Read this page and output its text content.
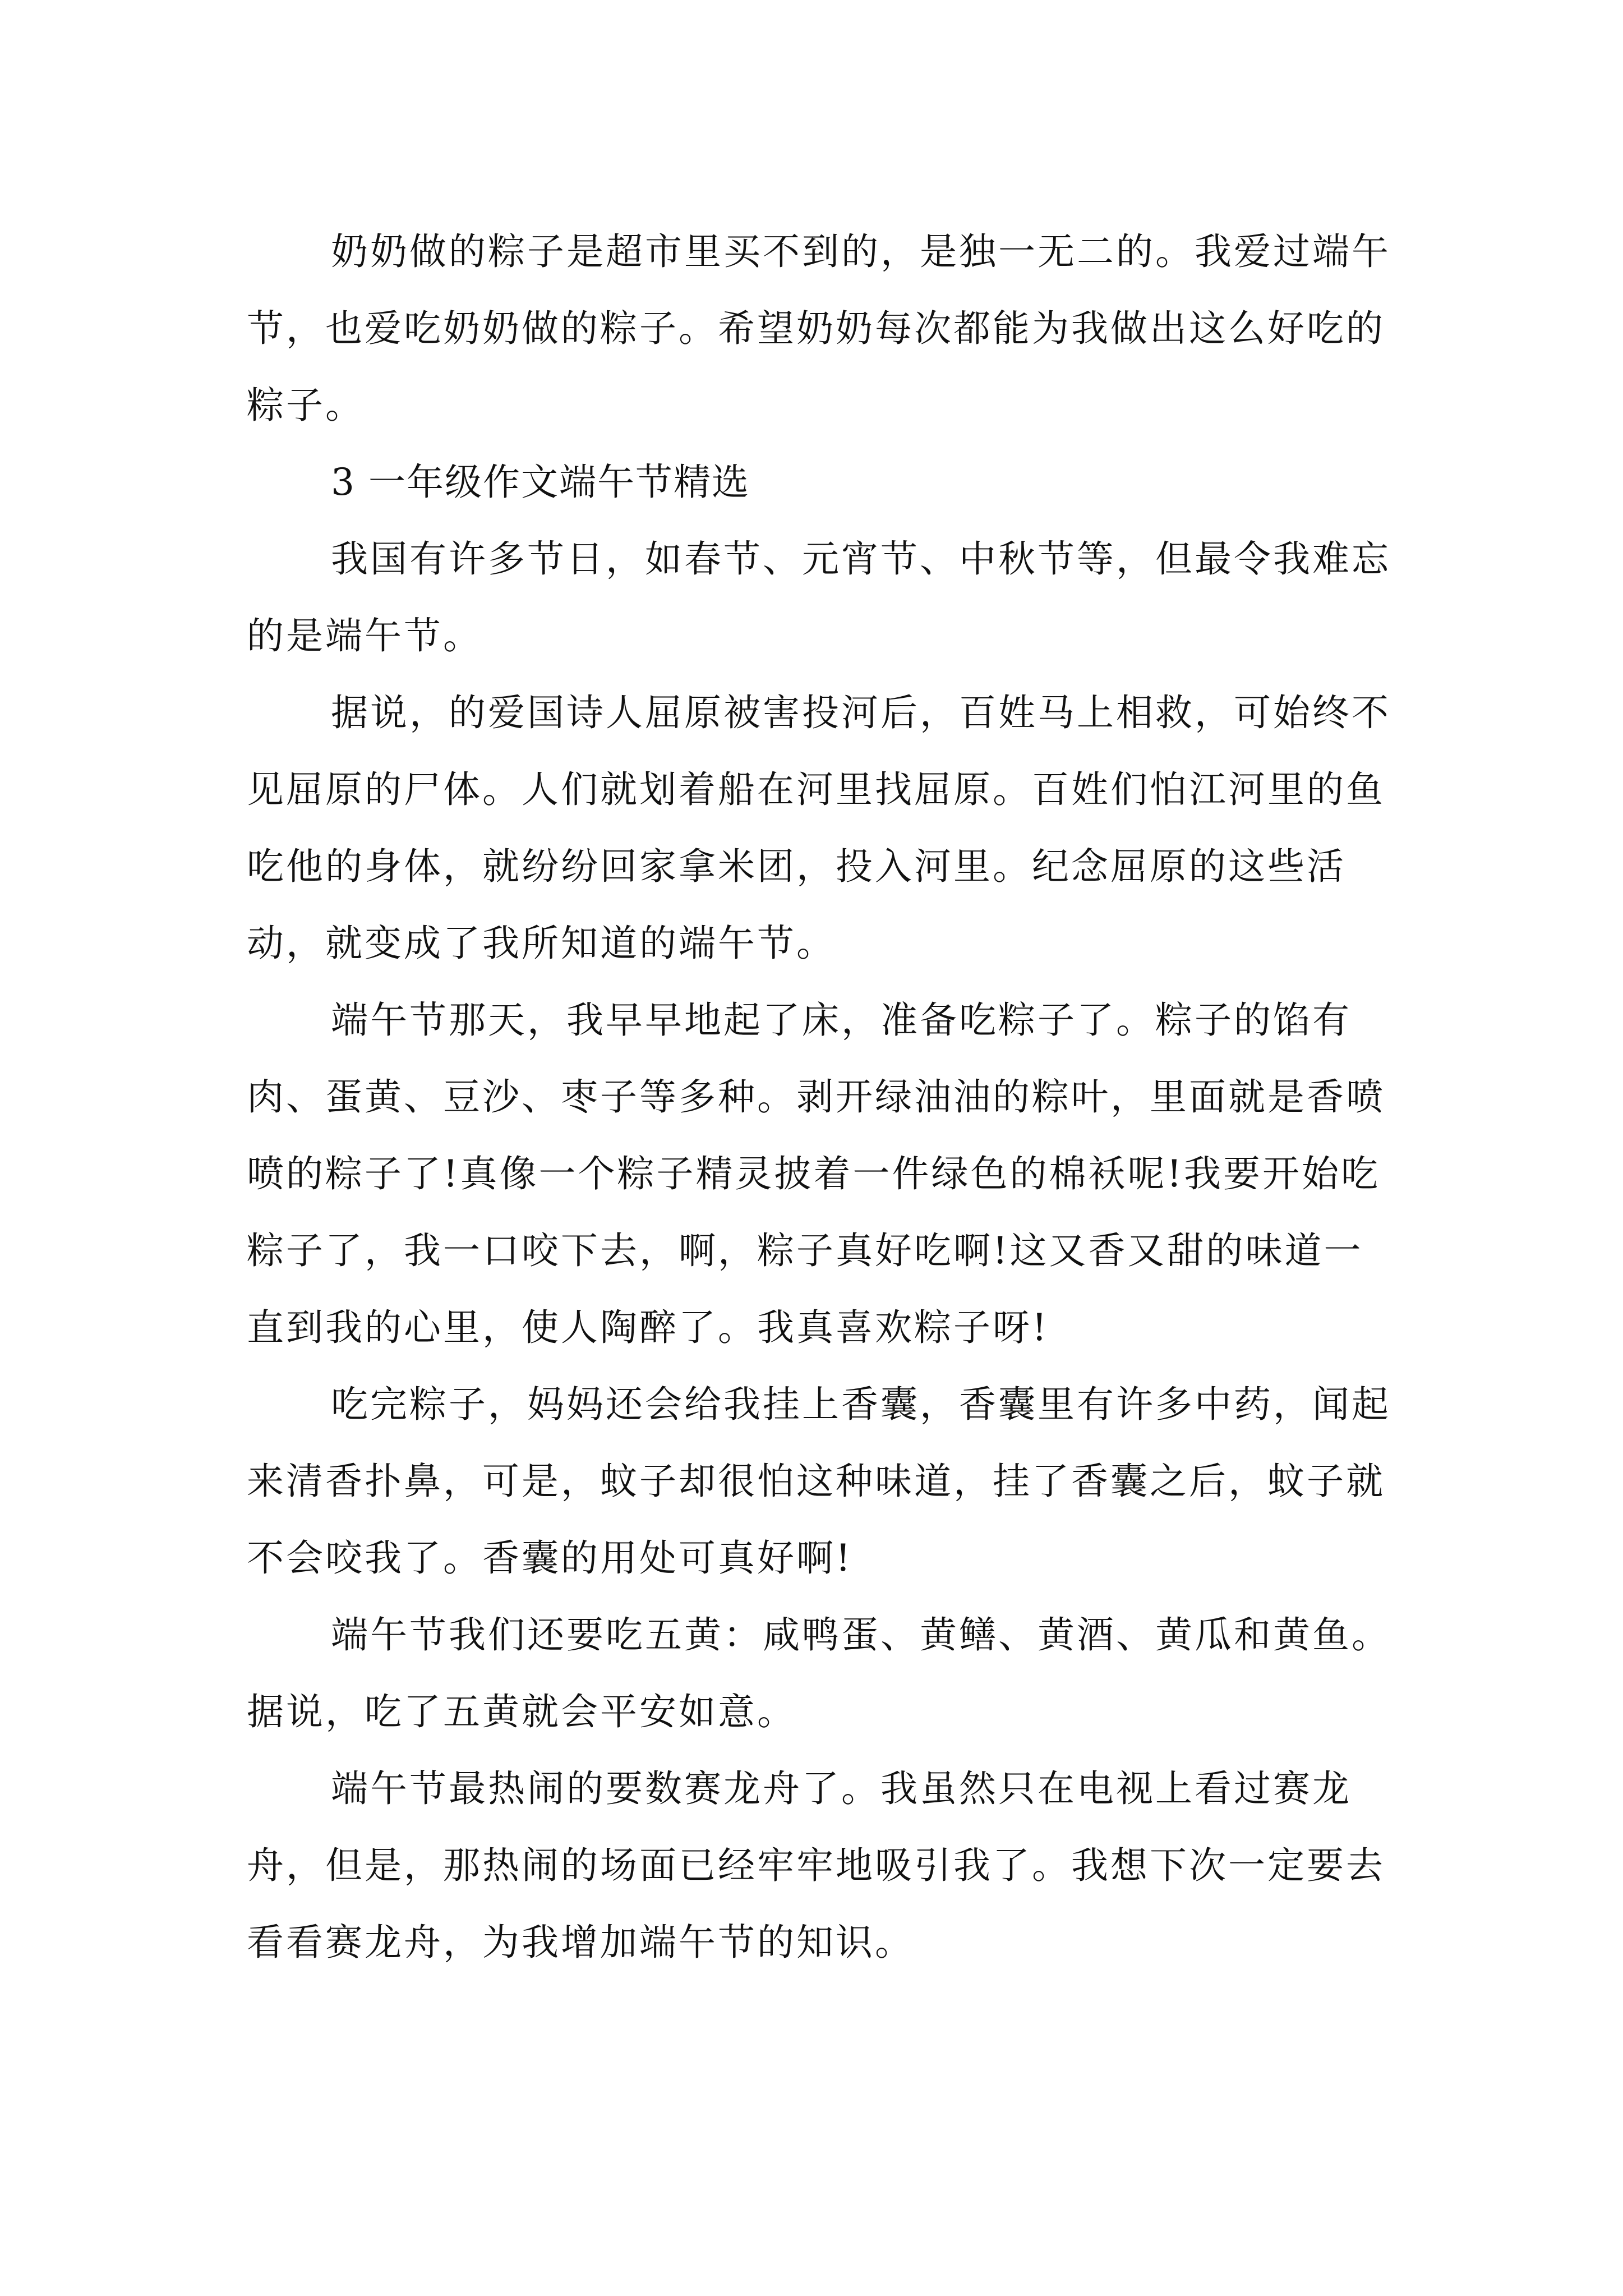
奶奶做的粽子是超市里买不到的，是独一无二的。我爱过端午节，也爱吃奶奶做的粽子。希望奶奶每次都能为我做出这么好吃的粽子。

3 一年级作文端午节精选

我国有许多节日，如春节、元宵节、中秋节等，但最令我难忘的是端午节。

据说，的爱国诗人屈原被害投河后，百姓马上相救，可始终不见屈原的尸体。人们就划着船在河里找屈原。百姓们怕江河里的鱼吃他的身体，就纷纷回家拿米团，投入河里。纪念屈原的这些活动，就变成了我所知道的端午节。

端午节那天，我早早地起了床，准备吃粽子了。粽子的馅有肉、蛋黄、豆沙、枣子等多种。剥开绿油油的粽叶，里面就是香喷喷的粽子了!真像一个粽子精灵披着一件绿色的棉袄呢!我要开始吃粽子了，我一口咬下去，啊，粽子真好吃啊!这又香又甜的味道一直到我的心里，使人陶醉了。我真喜欢粽子呀!

吃完粽子，妈妈还会给我挂上香囊，香囊里有许多中药，闻起来清香扑鼻，可是，蚊子却很怕这种味道，挂了香囊之后，蚊子就不会咬我了。香囊的用处可真好啊!

端午节我们还要吃五黄：咸鸭蛋、黄鳝、黄酒、黄瓜和黄鱼。据说，吃了五黄就会平安如意。

端午节最热闹的要数赛龙舟了。我虽然只在电视上看过赛龙舟，但是，那热闹的场面已经牢牢地吸引我了。我想下次一定要去看看赛龙舟，为我增加端午节的知识。
